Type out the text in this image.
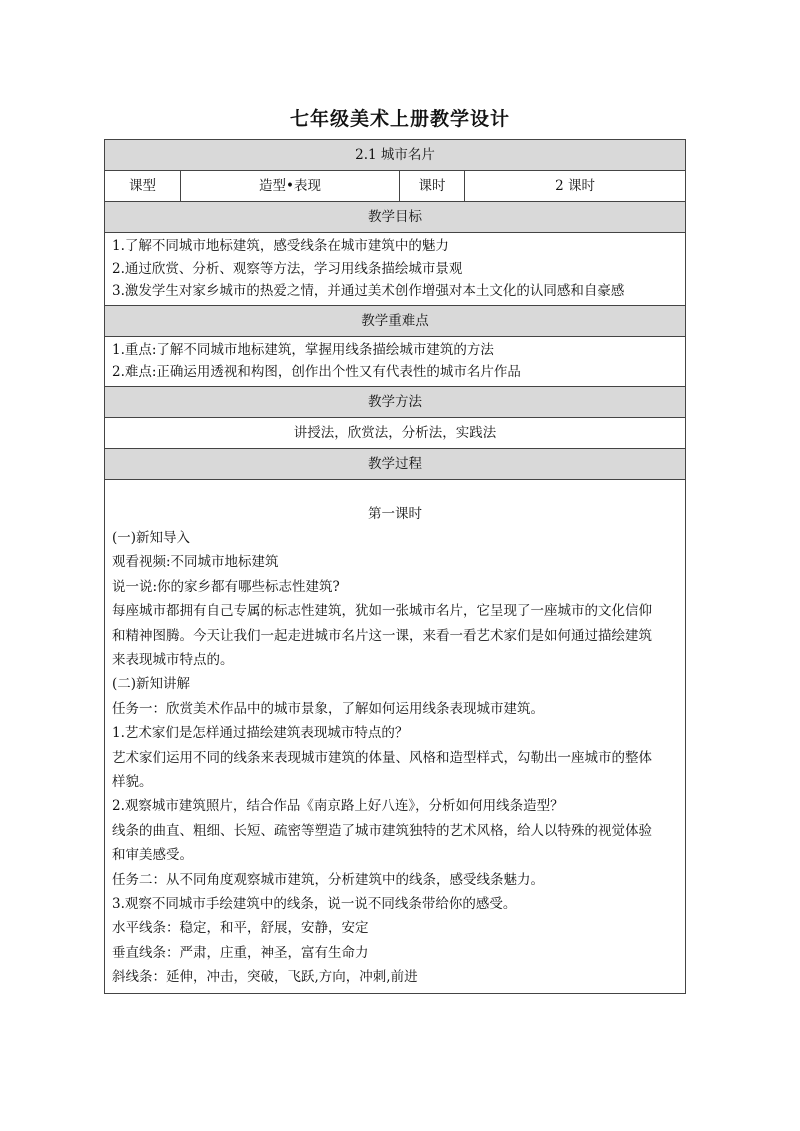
七年级美术上册教学设计
2.1 城市名片
课型	造型•表现	课时	2 课时
教学目标

1.了解不同城市地标建筑，感受线条在城市建筑中的魅力
2.通过欣赏、分析、观察等方法，学习用线条描绘城市景观
3.激发学生对家乡城市的热爱之情，并通过美术创作增强对本土文化的认同感和自豪感

教学重难点

1.重点:了解不同城市地标建筑，掌握用线条描绘城市建筑的方法
2.难点:正确运用透视和构图，创作出个性又有代表性的城市名片作品

教学方法
讲授法，欣赏法，分析法，实践法
教学过程

第一课时
(一)新知导入
观看视频:不同城市地标建筑
说一说:你的家乡都有哪些标志性建筑?
每座城市都拥有自己专属的标志性建筑，犹如一张城市名片，它呈现了一座城市的文化信仰
和精神图腾。今天让我们一起走进城市名片这一课，来看一看艺术家们是如何通过描绘建筑
来表现城市特点的。
(二)新知讲解
任务一：欣赏美术作品中的城市景象，了解如何运用线条表现城市建筑。
1.艺术家们是怎样通过描绘建筑表现城市特点的？
艺术家们运用不同的线条来表现城市建筑的体量、风格和造型样式，勾勒出一座城市的整体
样貌。
2.观察城市建筑照片，结合作品《南京路上好八连》，分析如何用线条造型？
线条的曲直、粗细、长短、疏密等塑造了城市建筑独特的艺术风格，给人以特殊的视觉体验
和审美感受。
任务二：从不同角度观察城市建筑，分析建筑中的线条，感受线条魅力。
3.观察不同城市手绘建筑中的线条，说一说不同线条带给你的感受。
水平线条：稳定，和平，舒展，安静，安定
垂直线条：严肃，庄重，神圣，富有生命力
斜线条：延伸，冲击，突破，飞跃,方向，冲刺,前进
